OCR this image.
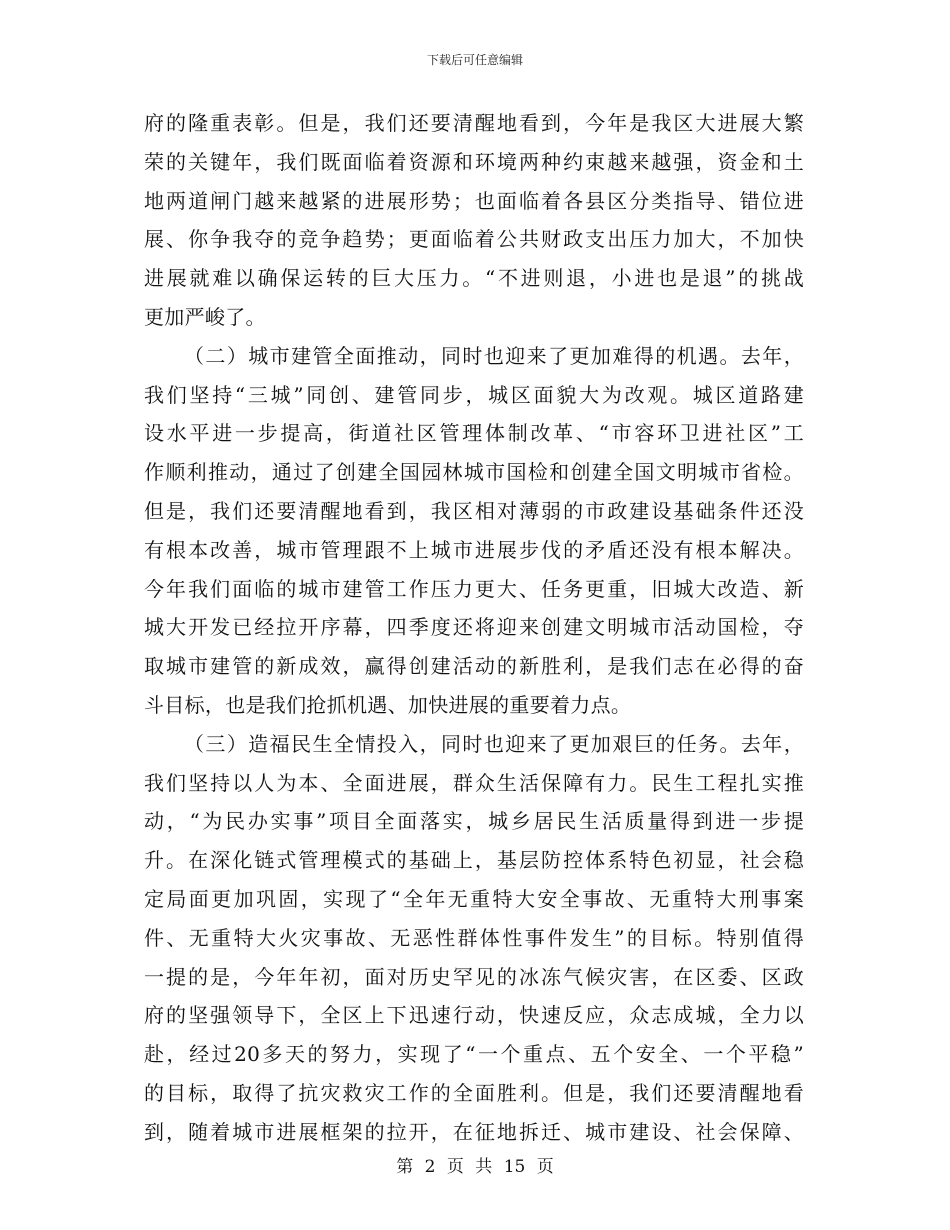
下载后可任意编辑
府的隆重表彰。但是，我们还要清醒地看到，今年是我区大进展大繁
荣的关键年，我们既面临着资源和环境两种约束越来越强，资金和土
地两道闸门越来越紧的进展形势；也面临着各县区分类指导、错位进
展、你争我夺的竞争趋势；更面临着公共财政支出压力加大，不加快
进展就难以确保运转的巨大压力。“不进则退，小进也是退”的挑战
更加严峻了。
（二）城市建管全面推动，同时也迎来了更加难得的机遇。去年，
我们坚持“三城”同创、建管同步，城区面貌大为改观。城区道路建
设水平进一步提高，街道社区管理体制改革、“市容环卫进社区”工
作顺利推动，通过了创建全国园林城市国检和创建全国文明城市省检。
但是，我们还要清醒地看到，我区相对薄弱的市政建设基础条件还没
有根本改善，城市管理跟不上城市进展步伐的矛盾还没有根本解决。
今年我们面临的城市建管工作压力更大、任务更重，旧城大改造、新
城大开发已经拉开序幕，四季度还将迎来创建文明城市活动国检，夺
取城市建管的新成效，赢得创建活动的新胜利，是我们志在必得的奋
斗目标，也是我们抢抓机遇、加快进展的重要着力点。
（三）造福民生全情投入，同时也迎来了更加艰巨的任务。去年，
我们坚持以人为本、全面进展，群众生活保障有力。民生工程扎实推
动，“为民办实事”项目全面落实，城乡居民生活质量得到进一步提
升。在深化链式管理模式的基础上，基层防控体系特色初显，社会稳
定局面更加巩固，实现了“全年无重特大安全事故、无重特大刑事案
件、无重特大火灾事故、无恶性群体性事件发生”的目标。特别值得
一提的是，今年年初，面对历史罕见的冰冻气候灾害，在区委、区政
府的坚强领导下，全区上下迅速行动，快速反应，众志成城，全力以
赴，经过20多天的努力，实现了“一个重点、五个安全、一个平稳”
的目标，取得了抗灾救灾工作的全面胜利。但是，我们还要清醒地看
到，随着城市进展框架的拉开，在征地拆迁、城市建设、社会保障、
第 2 页 共 15 页
